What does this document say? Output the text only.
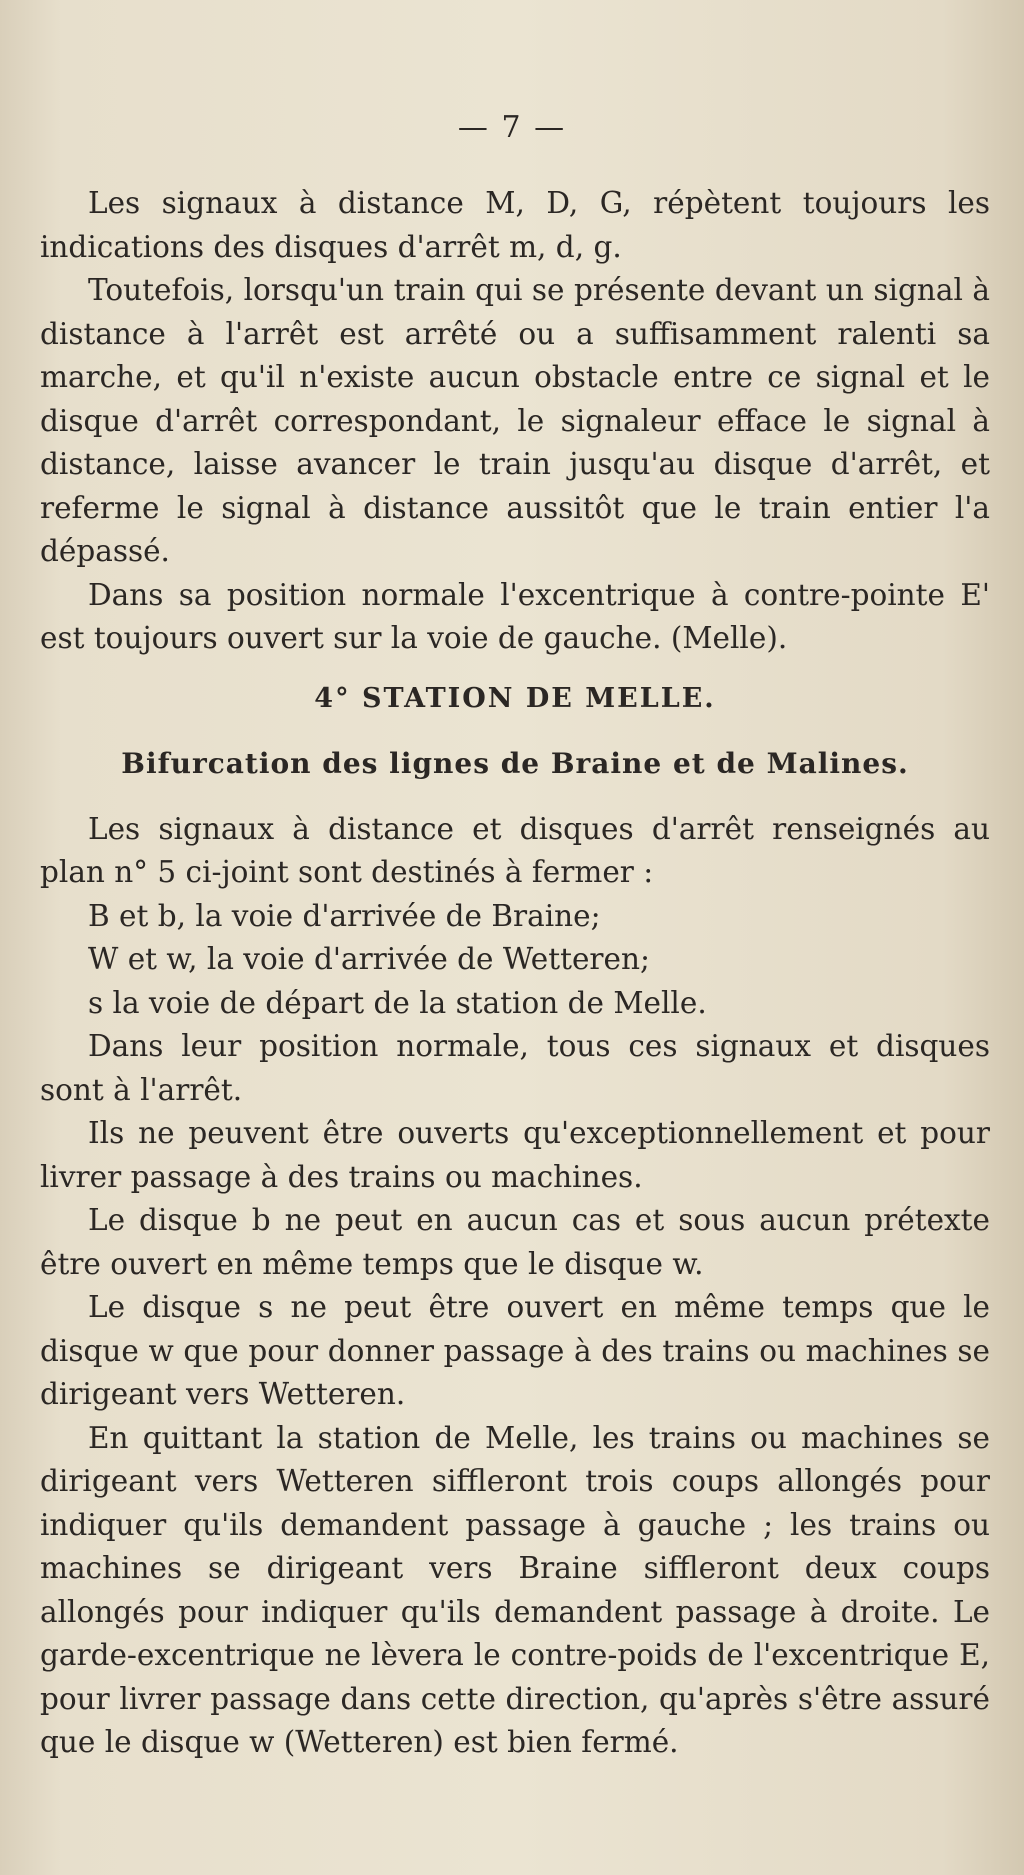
— 7 —

Les signaux à distance M, D, G, répètent toujours les indications des disques d'arrêt m, d, g.

Toutefois, lorsqu'un train qui se présente devant un signal à distance à l'arrêt est arrêté ou a suffisamment ralenti sa marche, et qu'il n'existe aucun obstacle entre ce signal et le disque d'arrêt correspondant, le signaleur efface le signal à distance, laisse avancer le train jusqu'au disque d'arrêt, et referme le signal à distance aussitôt que le train entier l'a dépassé.

Dans sa position normale l'excentrique à contre-pointe E' est toujours ouvert sur la voie de gauche. (Melle).

4° STATION DE MELLE.

Bifurcation des lignes de Braine et de Malines.

Les signaux à distance et disques d'arrêt renseignés au plan n° 5 ci-joint sont destinés à fermer :

B et b, la voie d'arrivée de Braine;

W et w, la voie d'arrivée de Wetteren;

s la voie de départ de la station de Melle.

Dans leur position normale, tous ces signaux et disques sont à l'arrêt.

Ils ne peuvent être ouverts qu'exceptionnellement et pour livrer passage à des trains ou machines.

Le disque b ne peut en aucun cas et sous aucun prétexte être ouvert en même temps que le disque w.

Le disque s ne peut être ouvert en même temps que le disque w que pour donner passage à des trains ou machines se dirigeant vers Wetteren.

En quittant la station de Melle, les trains ou machines se dirigeant vers Wetteren siffleront trois coups allongés pour indiquer qu'ils demandent passage à gauche ; les trains ou machines se dirigeant vers Braine siffleront deux coups allongés pour indiquer qu'ils demandent passage à droite. Le garde-excentrique ne lèvera le contre-poids de l'excentrique E, pour livrer passage dans cette direction, qu'après s'être assuré que le disque w (Wetteren) est bien fermé.
